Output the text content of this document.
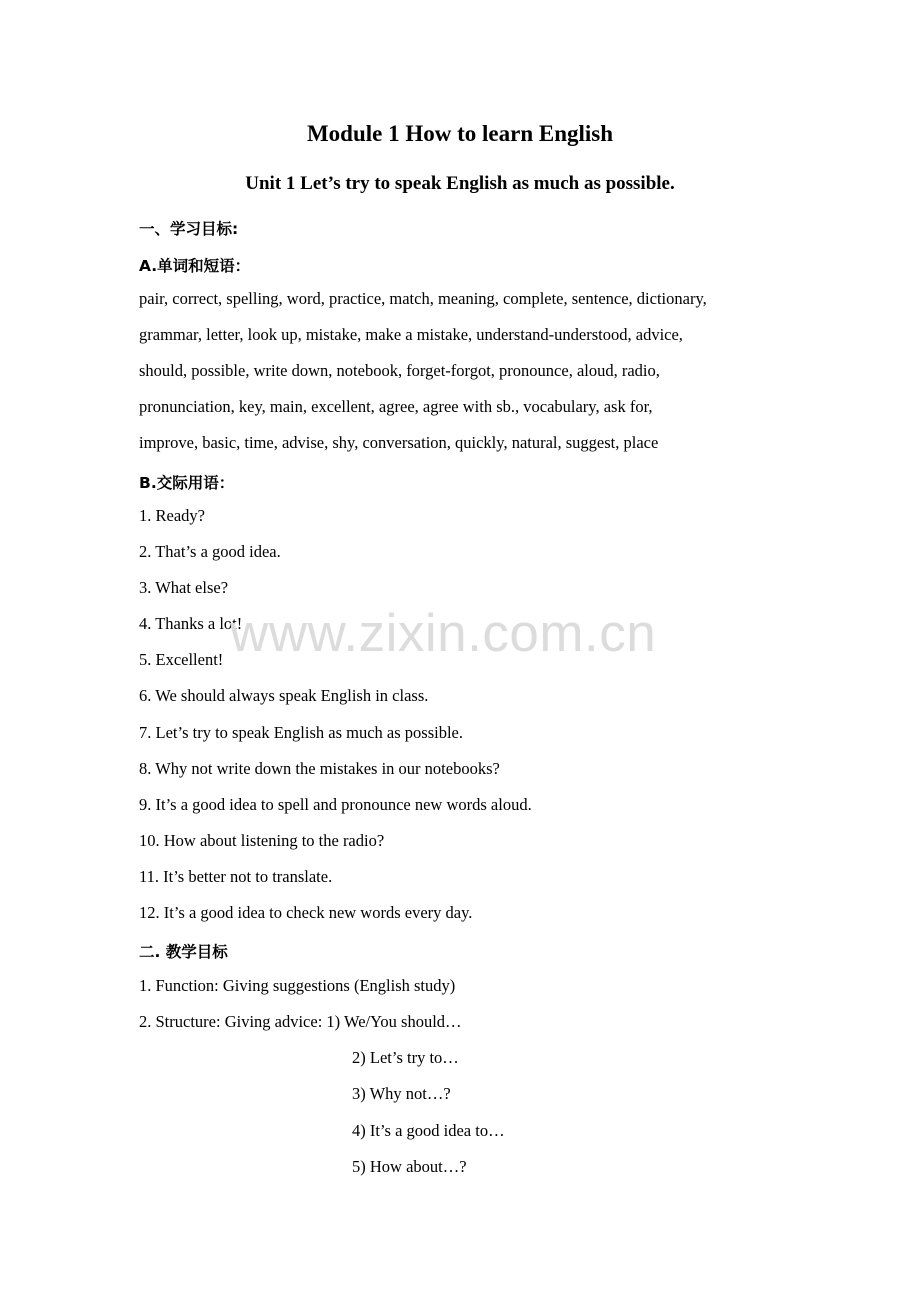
Module 1 How to learn English
Unit 1 Let’s try to speak English as much as possible.
一、学习目标:
A.单词和短语：
pair, correct, spelling, word, practice, match, meaning, complete, sentence, dictionary,
grammar, letter, look up, mistake, make a mistake, understand-understood, advice,
should, possible, write down, notebook, forget-forgot, pronounce, aloud, radio,
pronunciation, key, main, excellent, agree, agree with sb., vocabulary, ask for,
improve, basic, time, advise, shy, conversation, quickly, natural, suggest, place
B.交际用语：
1. Ready?
2. That’s a good idea.
3. What else?
4. Thanks a lot!
5. Excellent!
6. We should always speak English in class.
7. Let’s try to speak English as much as possible.
8. Why not write down the mistakes in our notebooks?
9. It’s a good idea to spell and pronounce new words aloud.
10. How about listening to the radio?
11. It’s better not to translate.
12. It’s a good idea to check new words every day.
二. 教学目标
1. Function: Giving suggestions (English study)
2. Structure: Giving advice: 1) We/You should…
2) Let’s try to…
3) Why not…?
4) It’s a good idea to…
5) How about…?
www.zixin.com.cn
